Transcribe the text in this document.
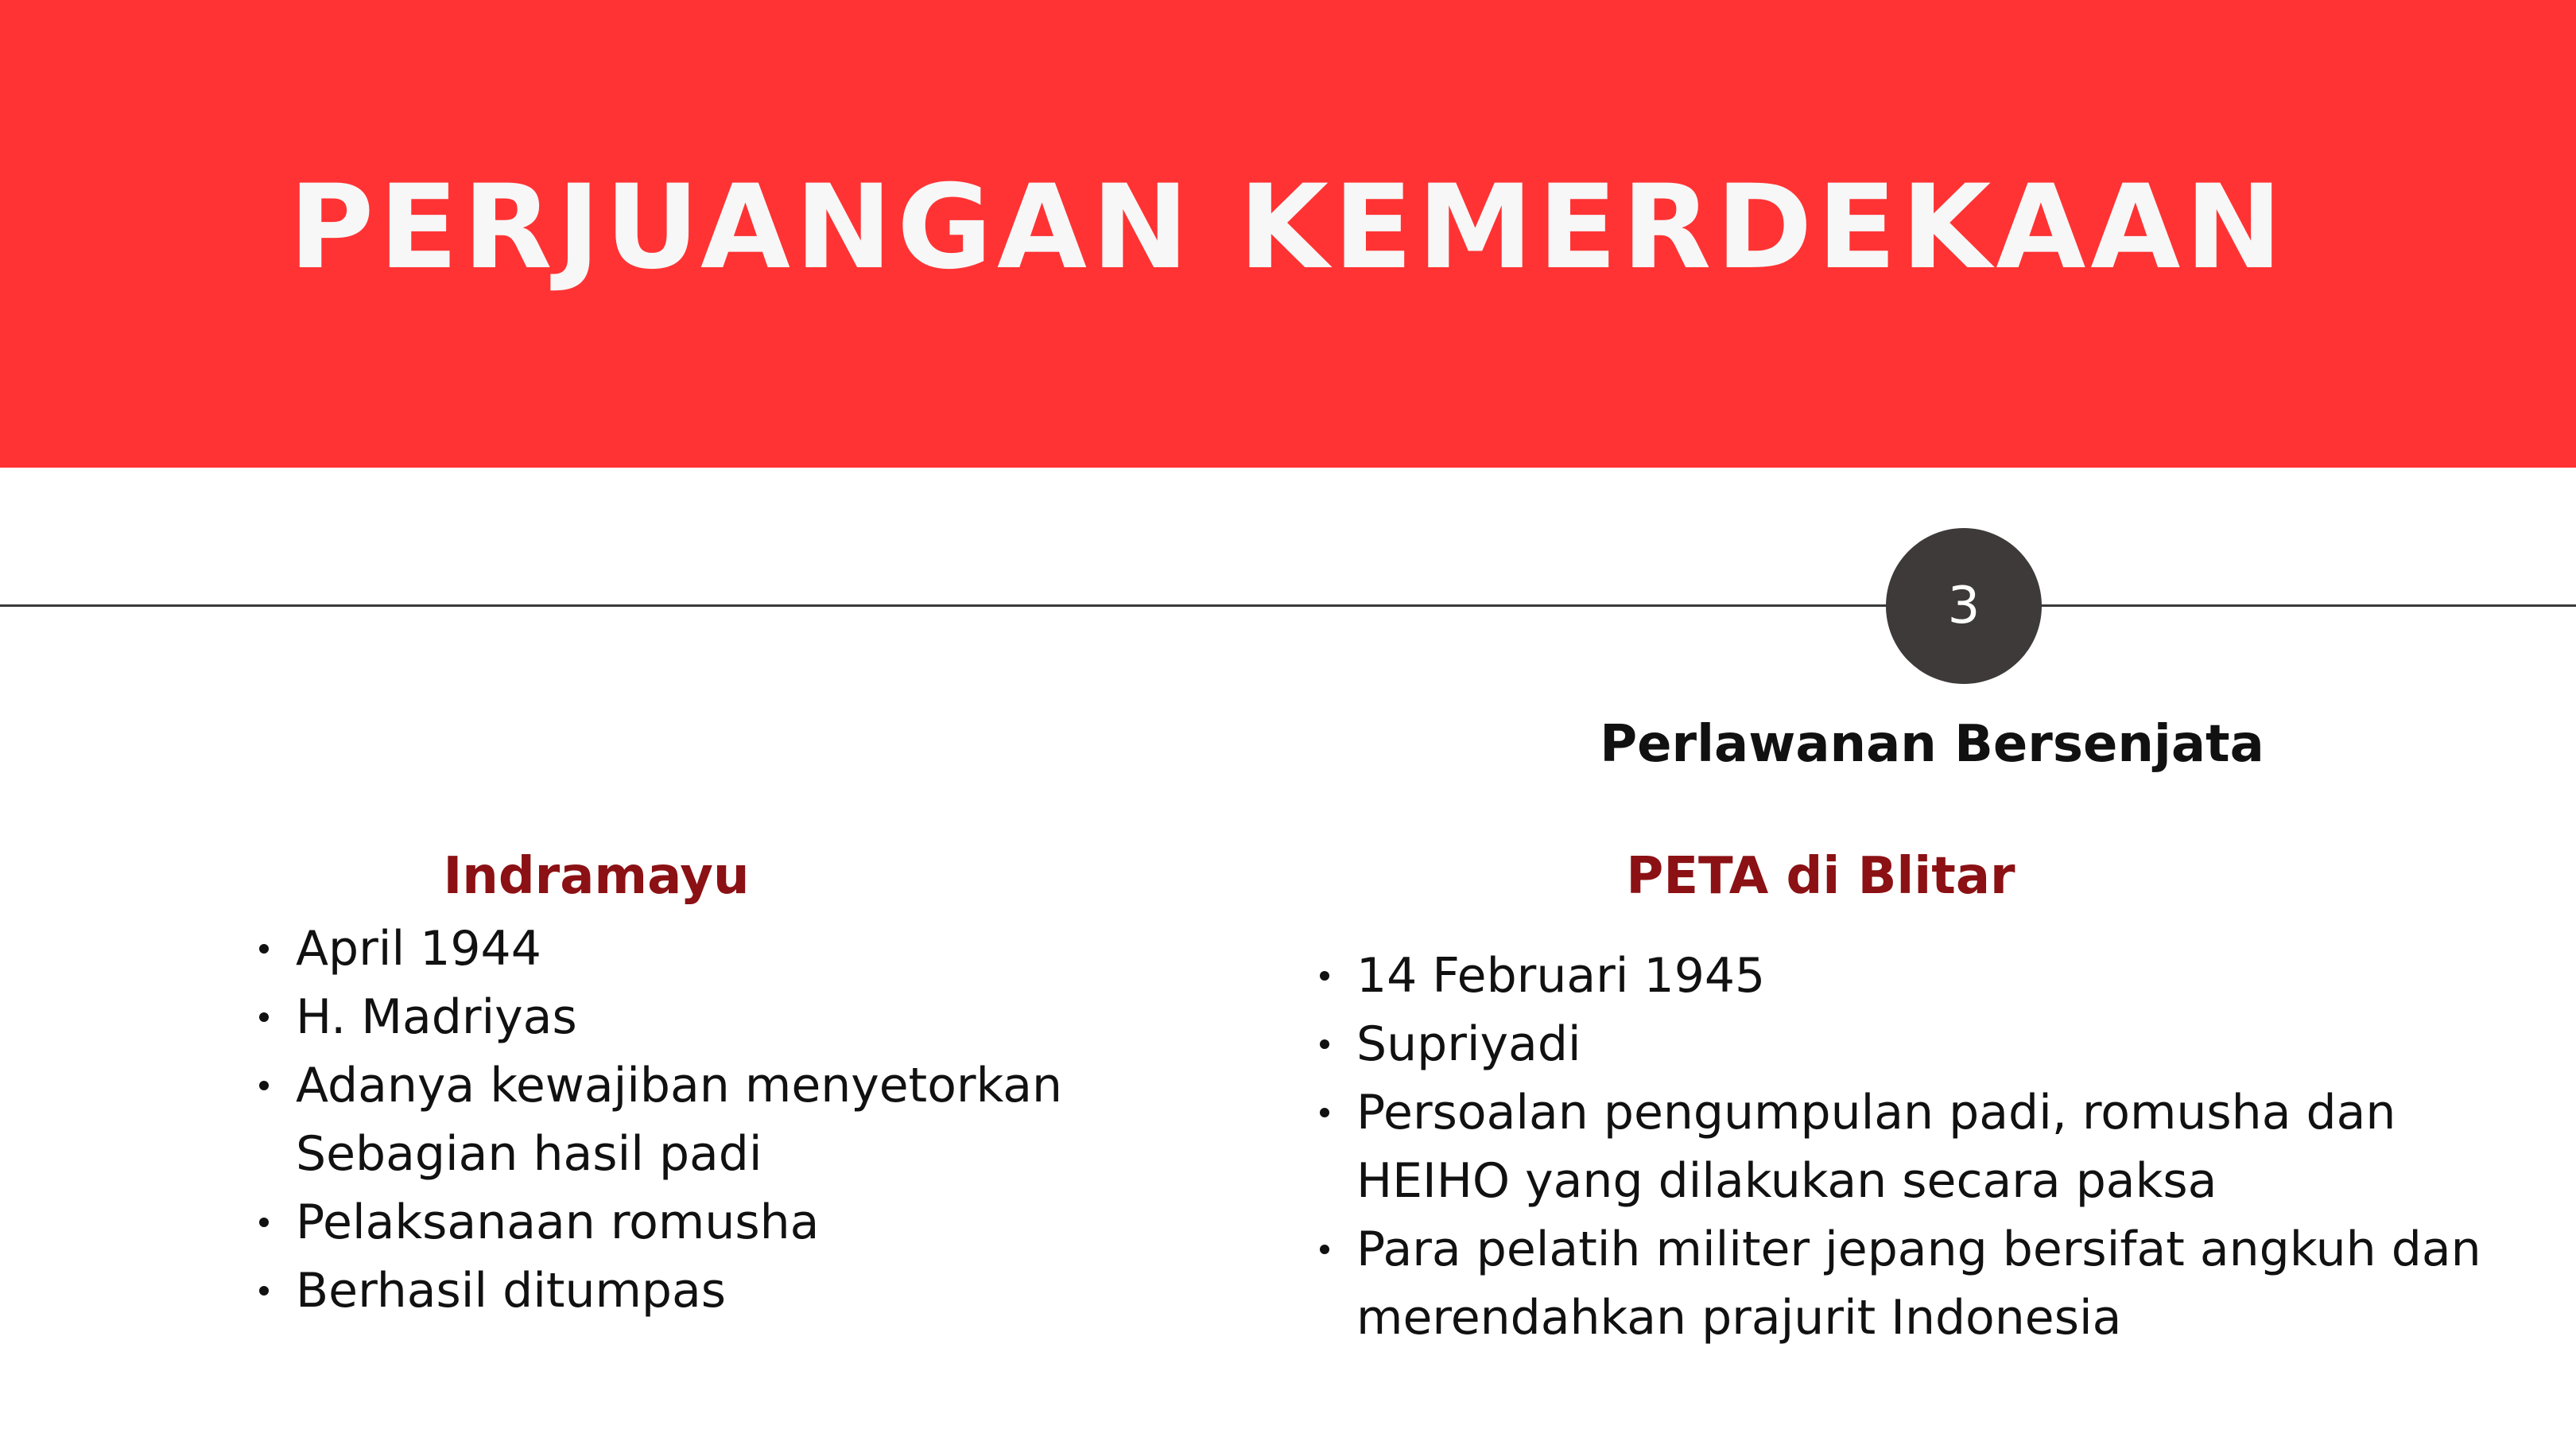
PERJUANGAN KEMERDEKAAN
3
Perlawanan Bersenjata
Indramayu
April 1944
H. Madriyas
Adanya kewajiban menyetorkan Sebagian hasil padi
Pelaksanaan romusha
Berhasil ditumpas
PETA di Blitar
14 Februari 1945
Supriyadi
Persoalan pengumpulan padi, romusha dan HEIHO yang dilakukan secara paksa
Para pelatih militer jepang bersifat angkuh dan merendahkan prajurit Indonesia
